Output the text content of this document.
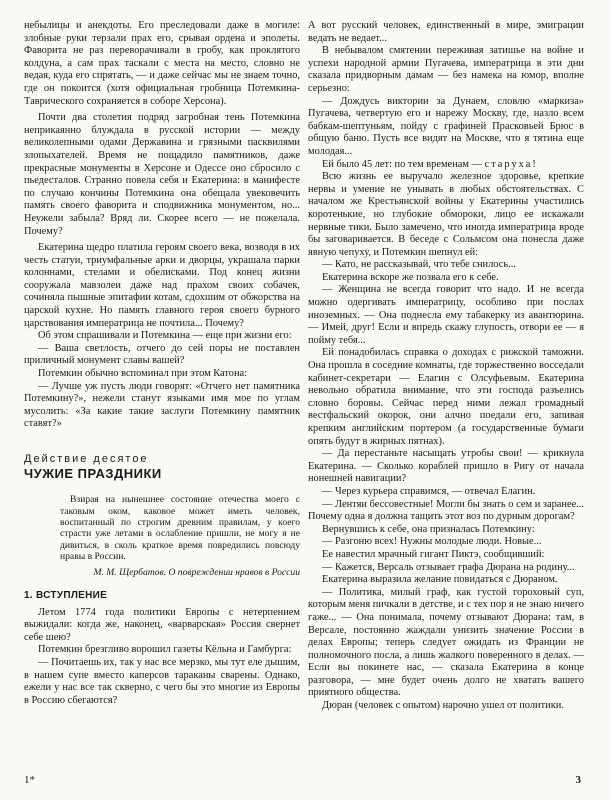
небылицы и анекдоты. Его преследовали даже в могиле: злобные руки терзали прах его, срывая ордена и эполеты. Фаворита не раз переворачивали в гробу, как проклятого колдуна, а сам прах таскали с места на место, словно не ведая, куда его спрятать, — и даже сейчас мы не знаем точно, где он покоится (хотя официальная гробница Потемкина-Таврического сохраняется в соборе Херсона).

Почти два столетия подряд загробная тень Потемкина неприкаянно блуждала в русской истории — между великолепными одами Державина и грязными пасквилями злопыхателей. Время не пощадило памятников, даже прекрасные монументы в Херсоне и Одессе оно сбросило с пьедесталов. Странно повела себя и Екатерина: в манифесте по случаю кончины Потемкина она обещала увековечить память своего фаворита и сподвижника монументом, но... Неужели забыла? Вряд ли. Скорее всего — не пожелала. Почему?

Екатерина щедро платила героям своего века, возводя в их честь статуи, триумфальные арки и дворцы, украшала парки колоннами, стелами и обелисками. Под конец жизни сооружала мавзолеи даже над прахом своих собачек, сочиняла пышные эпитафии котам, сдохшим от обжорства на царской кухне. Но память главного героя своего бурного царствования императрица не почтила... Почему?

Об этом спрашивали и Потемкина — еще при жизни его:

— Ваша светлость, отчего до сей поры не поставлен приличный монумент славы вашей?

Потемкин обычно вспоминал при этом Катона:

— Лучше уж пусть люди говорят: «Отчего нет памятника Потемкину?», нежели станут языками имя мое по углам мусолить: «За какие такие заслуги Потемкину памятник ставят?»

Действие десятое

ЧУЖИЕ ПРАЗДНИКИ

Взирая на нынешнее состояние отечества моего с таковым оком, каковое может иметь человек, воспитанный по строгим древним правилам, у коего страсти уже летами в ослабление пришли, не могу я не дивиться, в сколь краткое время повредились повсюду нравы в России.

М. М. Щербатов. О повреждении нравов в России

1. ВСТУПЛЕНИЕ

Летом 1774 года политики Европы с нетерпением выжидали: когда же, наконец, «варварская» Россия свернет себе шею?

Потемкин брезгливо ворошил газеты Кёльна и Гамбурга:

— Почитаешь их, так у нас все мерзко, мы тут еле дышим, в нашем супе вместо каперсов тараканы сварены. Однако, ежели у нас все так скверно, с чего бы это многие из Европы в Россию сбегаются?

А вот русский человек, единственный в мире, эмиграции ведать не ведает...

В небывалом смятении переживая затишье на войне и успехи народной армии Пугачева, императрица в эти дни сказала придворным дамам — без намека на юмор, вполне серьезно:

— Дождусь виктории за Дунаем, словлю «маркиза» Пугачева, четвертую его и нарежу Москву, где, назло всем бабкам-шептуньям, пойду с графиней Прасковьей Брюс в общую баню. Пусть все видят на Москве, что я тятина еще молодая...

Ей было 45 лет: по тем временам — старуха!

Всю жизнь ее выручало железное здоровье, крепкие нервы и умение не унывать в любых обстоятельствах. С началом же Крестьянской войны у Екатерины участились коротенькие, но глубокие обмороки, лицо ее искажали нервные тики. Было замечено, что иногда императрица вроде бы заговаривается. В беседе с Сольмсом она понесла даже явную чепуху, и Потемкин шепнул ей:

— Като, не рассказывай, что тебе снилось...

Екатерина вскоре же позвала его к себе.

— Женщина не всегда говорит что надо. И не всегда можно одергивать императрицу, особливо при послах иноземных. — Она поднесла ему табакерку из авантюрина. — Имей, друг! Если и впредь скажу глупость, отвори ее — я пойму тебя...

Ей понадобилась справка о доходах с рижской таможни. Она прошла в соседние комнаты, где торжественно восседали кабинет-секретари — Елагин с Олсуфьевым. Екатерина невольно обратила внимание, что эти господа разъелись словно боровы. Сейчас перед ними лежал громадный вестфальский окорок, они алчно поедали его, запивая крепким английским портером (а государственные бумаги опять будут в жирных пятнах).

— Да перестаньте насыщать утробы свои! — крикнула Екатерина. — Сколько кораблей пришло в Ригу от начала нонешней навигации?

— Через курьера справимся, — отвечал Елагин.

— Лентяи бессовестные! Могли бы знать о сем и заранее... Почему одна я должна тащить этот воз по дурным дорогам?

Вернувшись к себе, она призналась Потемкину:

— Разгоню всех! Нужны молодые люди. Новые...

Ее навестил мрачный гигант Пиктэ, сообщивший:

— Кажется, Версаль отзывает графа Дюрана на родину...

Екатерина выразила желание повидаться с Дюраном.

— Политика, милый граф, как густой гороховый суп, которым меня пичкали в детстве, и с тех пор я не знаю ничего гаже... — Она понимала, почему отзывают Дюрана: там, в Версале, постоянно жаждали унизить значение России в делах Европы; теперь следует ожидать из Франции не полномочного посла, а лишь жалкого поверенного в делах. — Если вы покинете нас, — сказала Екатерина в конце разговора, — мне будет очень долго не хватать вашего приятного общества.

Дюран (человек с опытом) нарочно ушел от политики.

1*	3
